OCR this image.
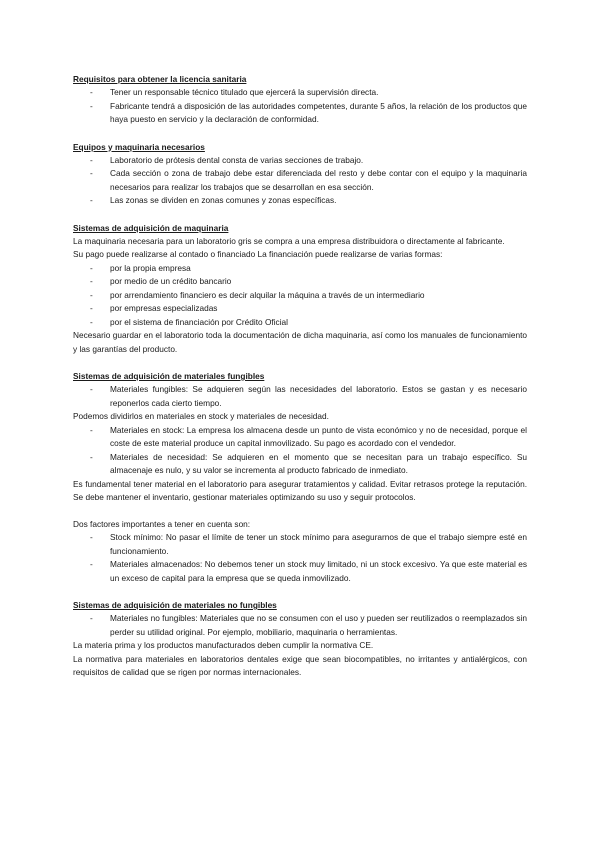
Requisitos para obtener la licencia sanitaria
- Tener un responsable técnico titulado que ejercerá la supervisión directa.
- Fabricante tendrá a disposición de las autoridades competentes, durante 5 años, la relación de los productos que haya puesto en servicio y la declaración de conformidad.
Equipos y maquinaria necesarios
- Laboratorio de prótesis dental consta de varias secciones de trabajo.
- Cada sección o zona de trabajo debe estar diferenciada del resto y debe contar con el equipo y la maquinaria necesarios para realizar los trabajos que se desarrollan en esa sección.
- Las zonas se dividen en zonas comunes y zonas específicas.
Sistemas de adquisición de maquinaria

La maquinaria necesaria para un laboratorio gris se compra a una empresa distribuidora o directamente al fabricante.

Su pago puede realizarse al contado o financiado La financiación puede realizarse de varias formas:

- por la propia empresa
- por medio de un crédito bancario
- por arrendamiento financiero es decir alquilar la máquina a través de un intermediario
- por empresas especializadas
- por el sistema de financiación por Crédito Oficial

Necesario guardar en el laboratorio toda la documentación de dicha maquinaria, así como los manuales de funcionamiento y las garantías del producto.

Sistemas de adquisición de materiales fungibles
- Materiales fungibles: Se adquieren según las necesidades del laboratorio. Estos se gastan y es necesario reponerlos cada cierto tiempo.

Podemos dividirlos en materiales en stock y materiales de necesidad.

- Materiales en stock: La empresa los almacena desde un punto de vista económico y no de necesidad, porque el coste de este material produce un capital inmovilizado. Su pago es acordado con el vendedor.
- Materiales de necesidad: Se adquieren en el momento que se necesitan para un trabajo específico. Su almacenaje es nulo, y su valor se incrementa al producto fabricado de inmediato.

Es fundamental tener material en el laboratorio para asegurar tratamientos y calidad. Evitar retrasos protege la reputación. Se debe mantener el inventario, gestionar materiales optimizando su uso y seguir protocolos.

Dos factores importantes a tener en cuenta son:

- Stock mínimo: No pasar el límite de tener un stock mínimo para asegurarnos de que el trabajo siempre esté en funcionamiento.
- Materiales almacenados: No debemos tener un stock muy limitado, ni un stock excesivo. Ya que este material es un exceso de capital para la empresa que se queda inmovilizado.
Sistemas de adquisición de materiales no fungibles
- Materiales no fungibles: Materiales que no se consumen con el uso y pueden ser reutilizados o reemplazados sin perder su utilidad original. Por ejemplo, mobiliario, maquinaria o herramientas.

La materia prima y los productos manufacturados deben cumplir la normativa CE.

La normativa para materiales en laboratorios dentales exige que sean biocompatibles, no irritantes y antialérgicos, con requisitos de calidad que se rigen por normas internacionales.
